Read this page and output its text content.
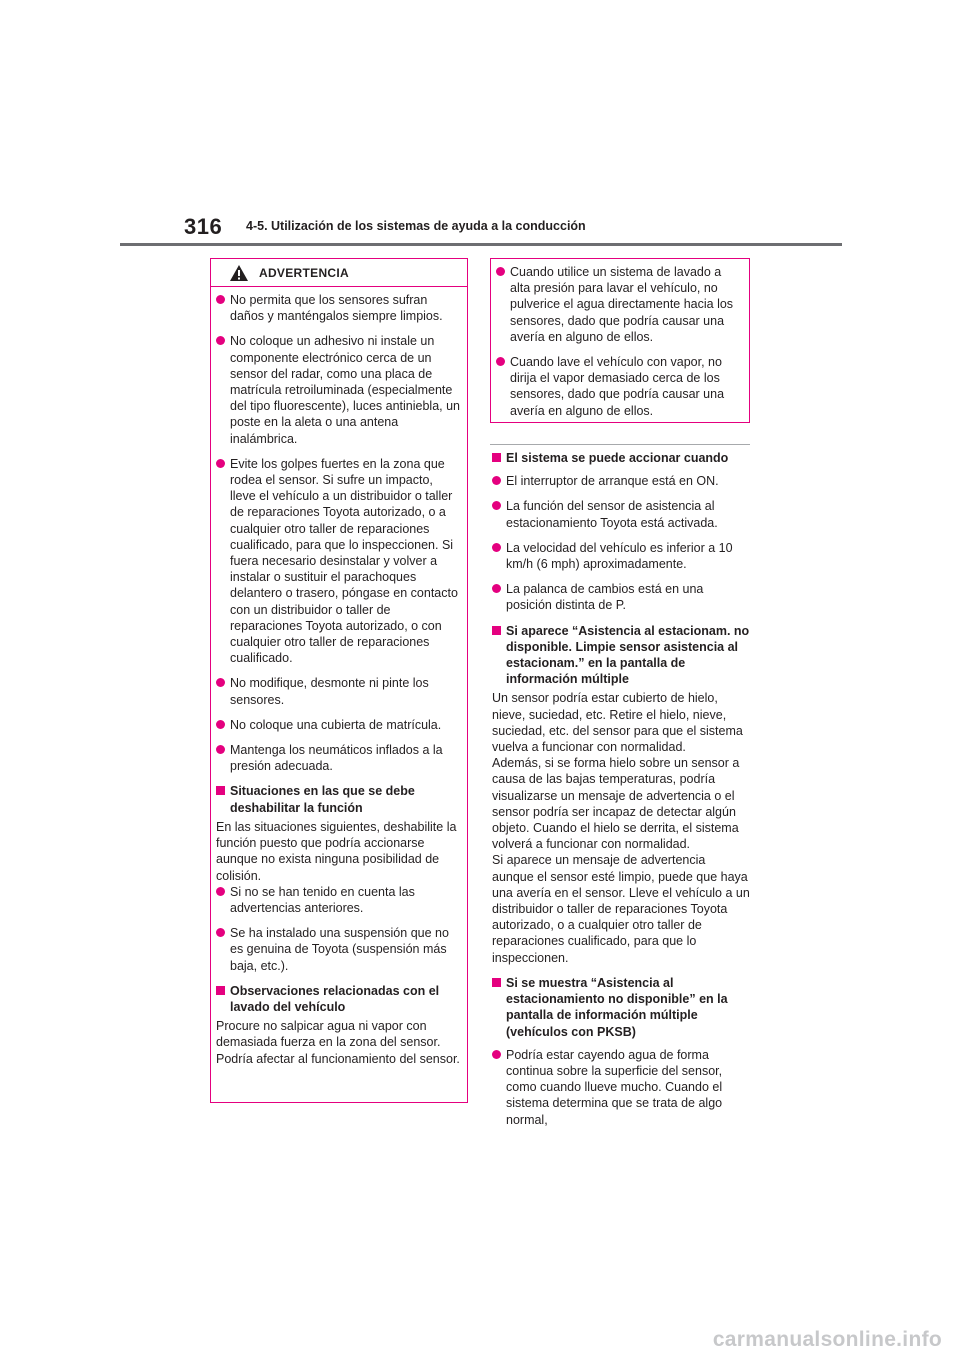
316 4-5. Utilización de los sistemas de ayuda a la conducción
ADVERTENCIA
No permita que los sensores sufran daños y manténgalos siempre limpios.
No coloque un adhesivo ni instale un componente electrónico cerca de un sensor del radar, como una placa de matrícula retroiluminada (especialmente del tipo fluorescente), luces antiniebla, un poste en la aleta o una antena inalámbrica.
Evite los golpes fuertes en la zona que rodea el sensor. Si sufre un impacto, lleve el vehículo a un distribuidor o taller de reparaciones Toyota autorizado, o a cualquier otro taller de reparaciones cualificado, para que lo inspeccionen. Si fuera necesario desinstalar y volver a instalar o sustituir el parachoques delantero o trasero, póngase en contacto con un distribuidor o taller de reparaciones Toyota autorizado, o con cualquier otro taller de reparaciones cualificado.
No modifique, desmonte ni pinte los sensores.
No coloque una cubierta de matrícula.
Mantenga los neumáticos inflados a la presión adecuada.
Situaciones en las que se debe deshabilitar la función

En las situaciones siguientes, deshabilite la función puesto que podría accionarse aunque no exista ninguna posibilidad de colisión.

Si no se han tenido en cuenta las advertencias anteriores.
Se ha instalado una suspensión que no es genuina de Toyota (suspensión más baja, etc.).
Observaciones relacionadas con el lavado del vehículo

Procure no salpicar agua ni vapor con demasiada fuerza en la zona del sensor.

Podría afectar al funcionamiento del sensor.

Cuando utilice un sistema de lavado a alta presión para lavar el vehículo, no pulverice el agua directamente hacia los sensores, dado que podría causar una avería en alguno de ellos.
Cuando lave el vehículo con vapor, no dirija el vapor demasiado cerca de los sensores, dado que podría causar una avería en alguno de ellos.
El sistema se puede accionar cuando
El interruptor de arranque está en ON.
La función del sensor de asistencia al estacionamiento Toyota está activada.
La velocidad del vehículo es inferior a 10 km/h (6 mph) aproximadamente.
La palanca de cambios está en una posición distinta de P.
Si aparece “Asistencia al estacionam. no disponible. Limpie sensor asistencia al estacionam.” en la pantalla de información múltiple

Un sensor podría estar cubierto de hielo, nieve, suciedad, etc. Retire el hielo, nieve, suciedad, etc. del sensor para que el sistema vuelva a funcionar con normalidad.

Además, si se forma hielo sobre un sensor a causa de las bajas temperaturas, podría visualizarse un mensaje de advertencia o el sensor podría ser incapaz de detectar algún objeto. Cuando el hielo se derrita, el sistema volverá a funcionar con normalidad.

Si aparece un mensaje de advertencia aunque el sensor esté limpio, puede que haya una avería en el sensor. Lleve el vehículo a un distribuidor o taller de reparaciones Toyota autorizado, o a cualquier otro taller de reparaciones cualificado, para que lo inspeccionen.

Si se muestra “Asistencia al estacionamiento no disponible” en la pantalla de información múltiple (vehículos con PKSB)
Podría estar cayendo agua de forma continua sobre la superficie del sensor, como cuando llueve mucho. Cuando el sistema determina que se trata de algo normal,
carmanualsonline.info
